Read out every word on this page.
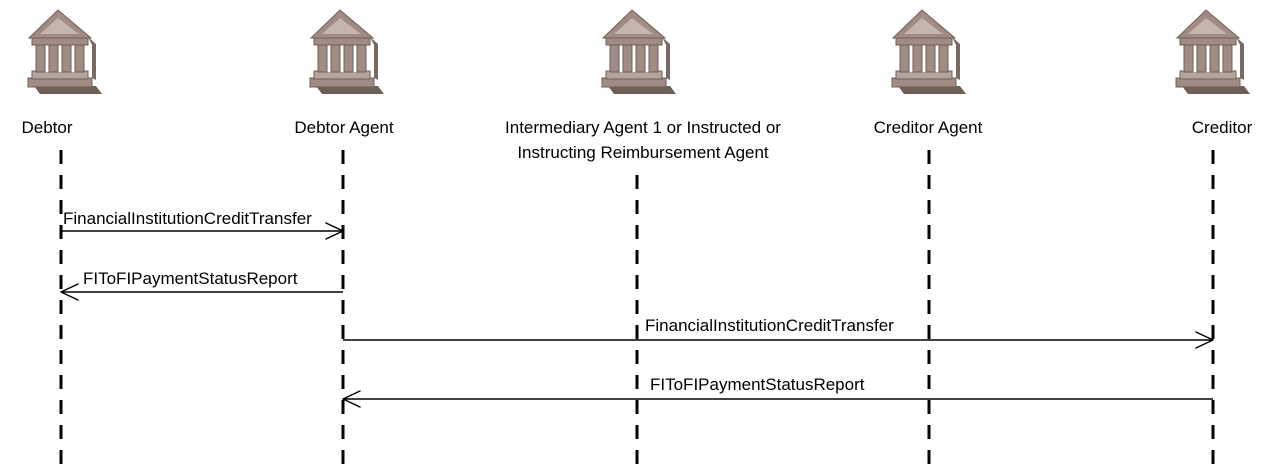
Debtor	Debtor Agent	Intermediary Agent 1 or Instructed or
Instructing Reimbursement Agent
Creditor Agent	Creditor
FinancialInstitutionCreditTransfer
FIToFIPaymentStatusReport
FinancialInstitutionCreditTransfer
FIToFIPaymentStatusReport
